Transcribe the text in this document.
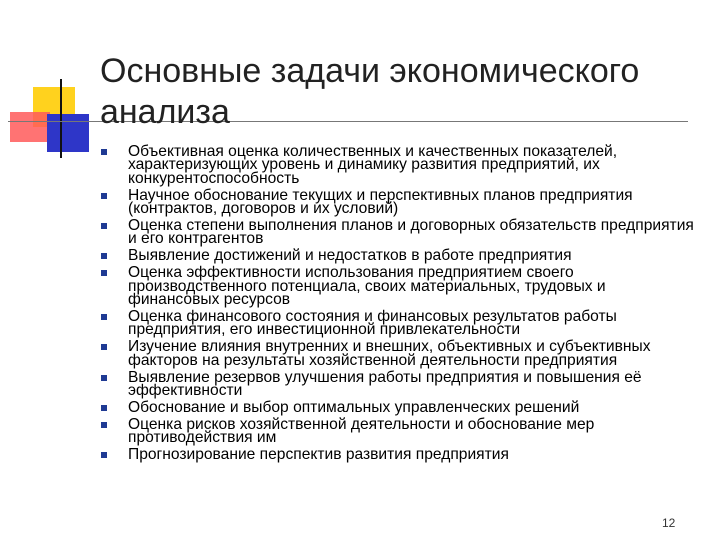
Основные задачи экономического
анализа
Объективная оценка количественных и качественных показателей, характеризующих уровень и динамику развития предприятий, их конкурентоспособность
Научное обоснование текущих и перспективных планов предприятия (контрактов, договоров и их условий)
Оценка степени выполнения планов и договорных обязательств предприятия и его контрагентов
Выявление достижений и недостатков в работе предприятия
Оценка эффективности использования предприятием своего производственного потенциала, своих материальных, трудовых и финансовых ресурсов
Оценка финансового состояния и финансовых результатов работы предприятия, его инвестиционной привлекательности
Изучение влияния внутренних и внешних, объективных и субъективных факторов на результаты хозяйственной деятельности предприятия
Выявление резервов улучшения работы предприятия и повышения её эффективности
Обоснование и выбор оптимальных управленческих решений
Оценка рисков хозяйственной деятельности и обоснование мер противодействия им
Прогнозирование перспектив развития предприятия
12
